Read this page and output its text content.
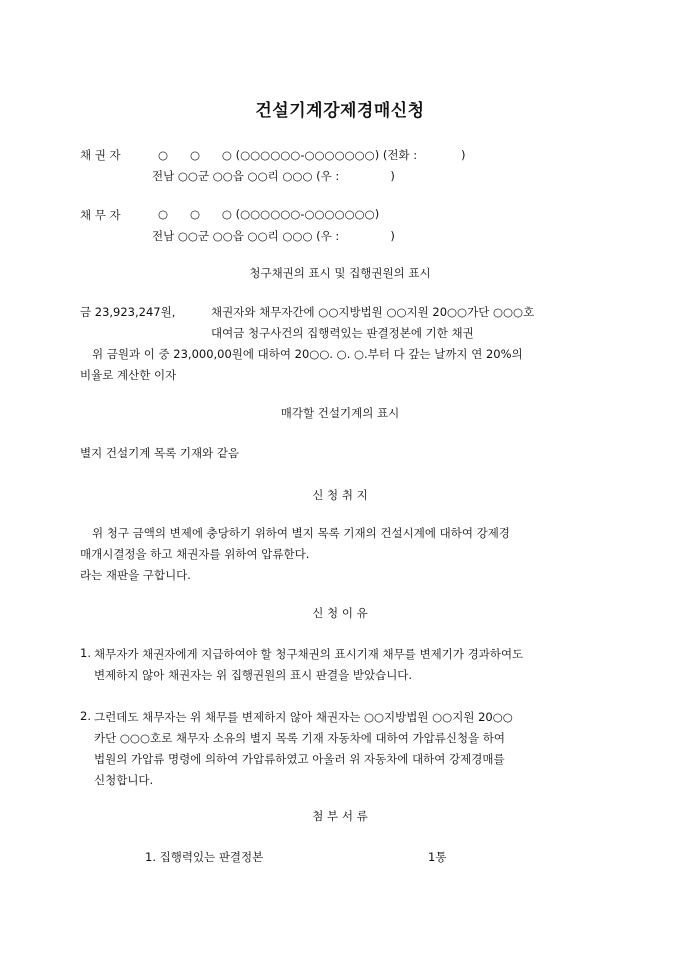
건설기계강제경매신청
채 권 자	○      ○      ○ (○○○○○○-○○○○○○○) (전화 :            )
전남 ○○군 ○○읍 ○○리 ○○○ (우 :              )
채 무 자	○      ○      ○ (○○○○○○-○○○○○○○)
전남 ○○군 ○○읍 ○○리 ○○○ (우 :              )
청구채권의 표시 및 집행권원의 표시
금 23,923,247원,	채권자와 채무자간에 ○○지방법원 ○○지원 20○○가단 ○○○호
대여금 청구사건의 집행력있는 판결정본에 기한 채권
위 금원과 이 중 23,000,00원에 대하여 20○○. ○. ○.부터 다 갚는 날까지 연 20%의
비율로 계산한 이자
매각할 건설기계의 표시
별지 건설기계 목록 기재와 같음
신 청 취 지
위 청구 금액의 변제에 충당하기 위하여 별지 목록 기재의 건설시계에 대하여 강제경
매개시결정을 하고 채권자를 위하여 압류한다.
라는 재판을 구합니다.
신 청 이 유
1. 채무자가 채권자에게 지급하여야 할 청구채권의 표시기재 채무를 변제기가 경과하여도
변제하지 않아 채권자는 위 집행권원의 표시 판결을 받았습니다.
2. 그런데도 채무자는 위 채무를 변제하지 않아 채권자는 ○○지방법원 ○○지원 20○○
카단 ○○○호로 채무자 소유의 별지 목록 기재 자동차에 대하여 가압류신청을 하여
법원의 가압류 명령에 의하여 가압류하였고 아울러 위 자동차에 대하여 강제경매를
신청합니다.
첨 부 서 류
1. 집행력있는 판결정본	1통
